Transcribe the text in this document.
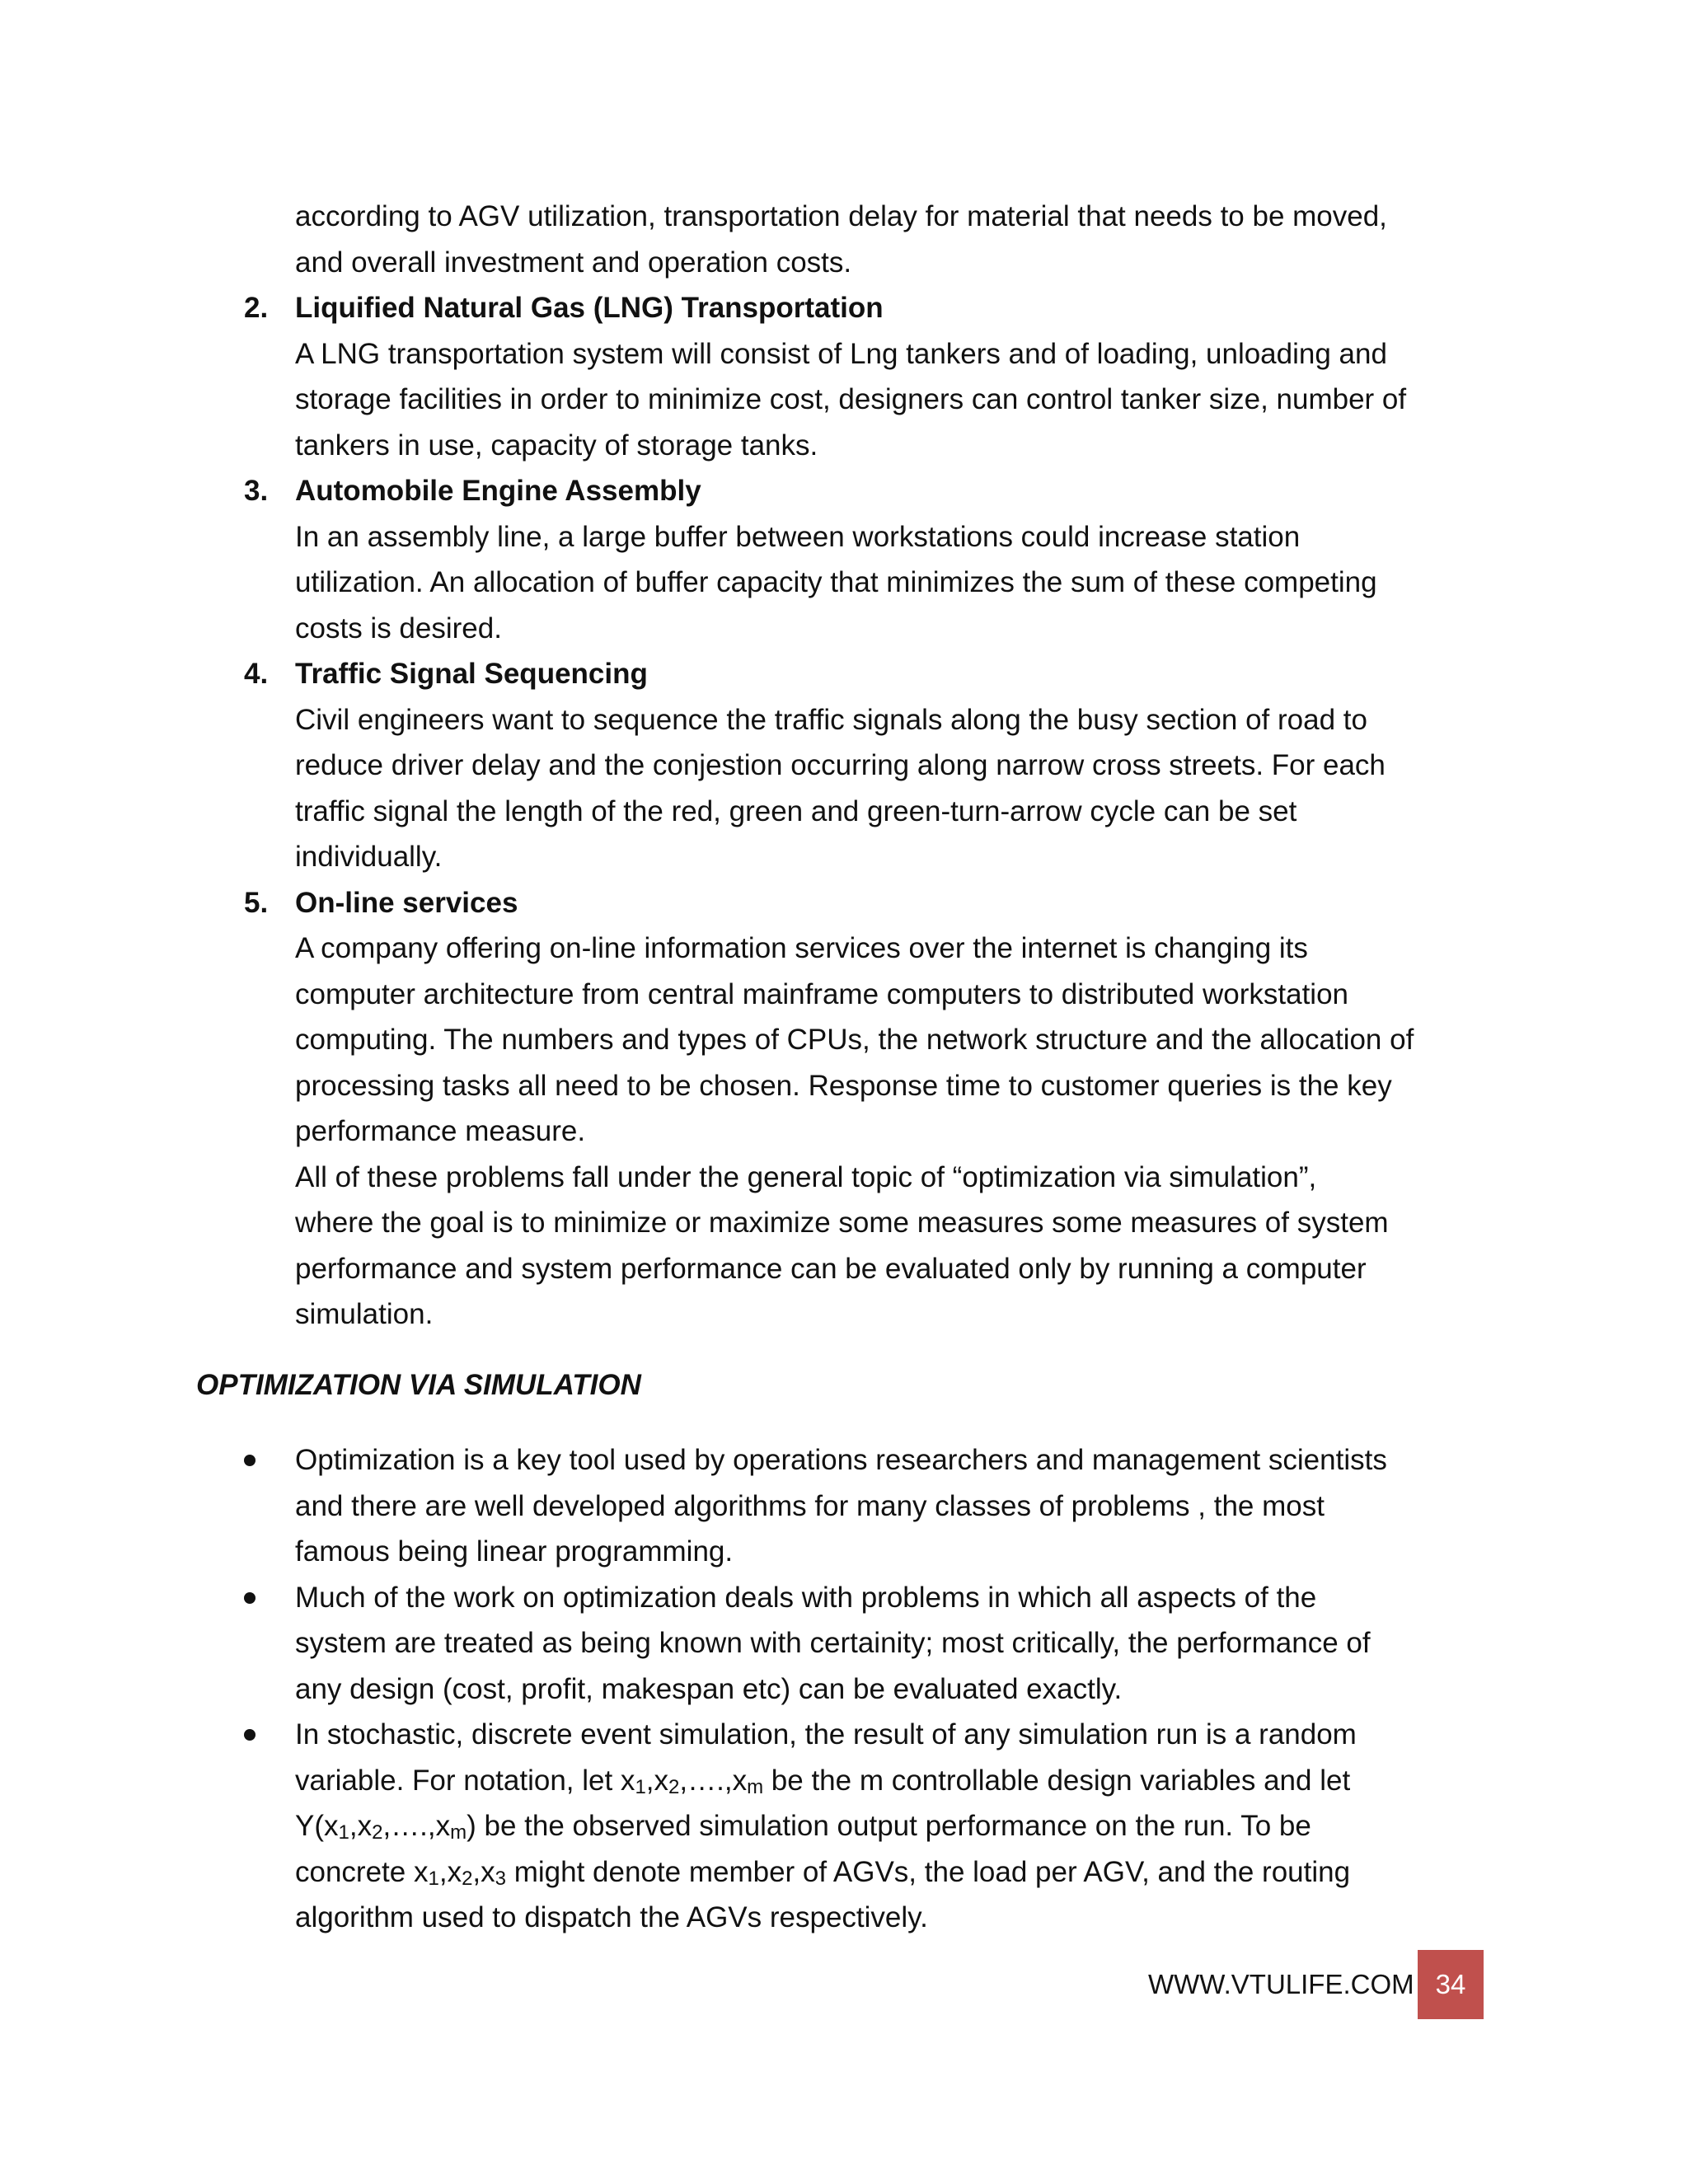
according to AGV utilization, transportation delay for material that needs to be moved,
and overall investment and operation costs.
2. Liquified Natural Gas (LNG) Transportation
A LNG transportation system will consist of Lng tankers and of loading, unloading and
storage facilities in order to minimize cost, designers can control tanker size, number of
tankers in use, capacity of storage tanks.
3. Automobile Engine Assembly
In an assembly line, a large buffer between workstations could increase station
utilization. An allocation of buffer capacity that minimizes the sum of these competing
costs is desired.
4. Traffic Signal Sequencing
Civil engineers want to sequence the traffic signals along the busy section of road to
reduce driver delay and the conjestion occurring along narrow cross streets. For each
traffic signal the length of the red, green and green-turn-arrow cycle can be set
individually.
5. On-line services
A company offering on-line information services over the internet is changing its
computer architecture from central mainframe computers to distributed workstation
computing. The numbers and types of CPUs, the network structure and the allocation of
processing tasks all need to be chosen. Response time to customer queries is the key
performance measure.
All of these problems fall under the general topic of “optimization via simulation”,
where the goal is to minimize or maximize some measures some measures of system
performance and system performance can be evaluated only by running a computer
simulation.
OPTIMIZATION VIA SIMULATION
Optimization is a key tool used by operations researchers and management scientists
and there are well developed algorithms for many classes of problems , the most
famous being linear programming.
Much of the work on optimization deals with problems in which all aspects of the
system are treated as being known with certainity; most critically, the performance of
any design (cost, profit, makespan etc) can be evaluated exactly.
In stochastic, discrete event simulation, the result of any simulation run is a random
variable. For notation, let $x_1,x_2,\dots.,x_m$ be the m controllable design variables and let
$Y(x_1,x_2,\dots.,x_m)$ be the observed simulation output performance on the run. To be
concrete $x_1,x_2,x_3$ might denote member of AGVs, the load per AGV, and the routing
algorithm used to dispatch the AGVs respectively.
WWW.VTULIFE.COM 34
